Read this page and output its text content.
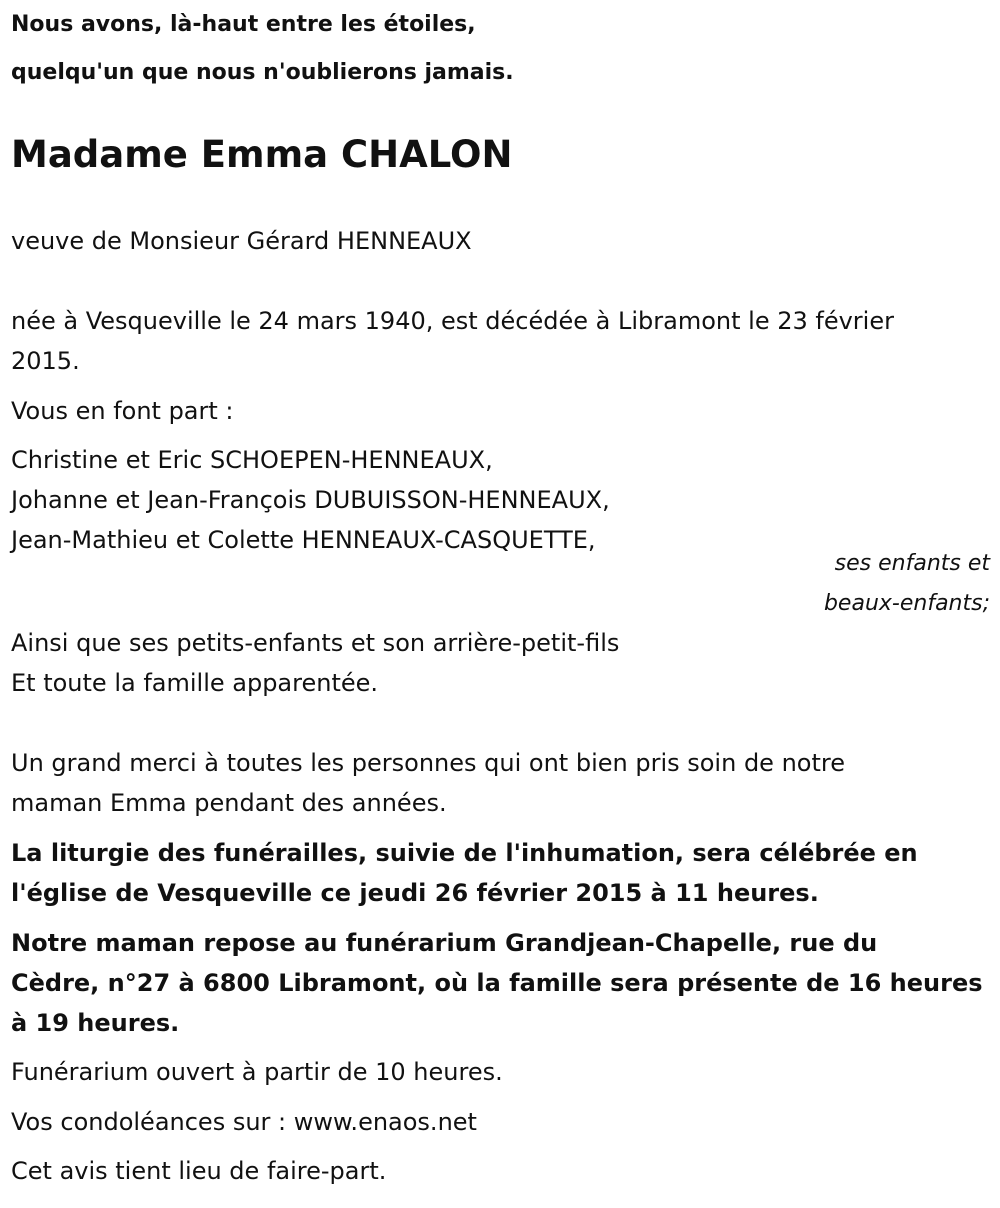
Nous avons, là-haut entre les étoiles,

quelqu'un que nous n'oublierons jamais.

Madame Emma CHALON

veuve de Monsieur Gérard HENNEAUX

née à Vesqueville le 24 mars 1940, est décédée à Libramont le 23 février

2015.

Vous en font part :

Christine et Eric SCHOEPEN-HENNEAUX,

Johanne et Jean-François DUBUISSON-HENNEAUX,

Jean-Mathieu et Colette HENNEAUX-CASQUETTE,

ses enfants et

beaux-enfants;

Ainsi que ses petits-enfants et son arrière-petit-fils

Et toute la famille apparentée.

Un grand merci à toutes les personnes qui ont bien pris soin de notre

maman Emma pendant des années.

La liturgie des funérailles, suivie de l'inhumation, sera célébrée en

l'église de Vesqueville ce jeudi 26 février 2015 à 11 heures.

Notre maman repose au funérarium Grandjean-Chapelle, rue du

Cèdre, n°27 à 6800 Libramont, où la famille sera présente de 16 heures

à 19 heures.

Funérarium ouvert à partir de 10 heures.

Vos condoléances sur : www.enaos.net

Cet avis tient lieu de faire-part.
